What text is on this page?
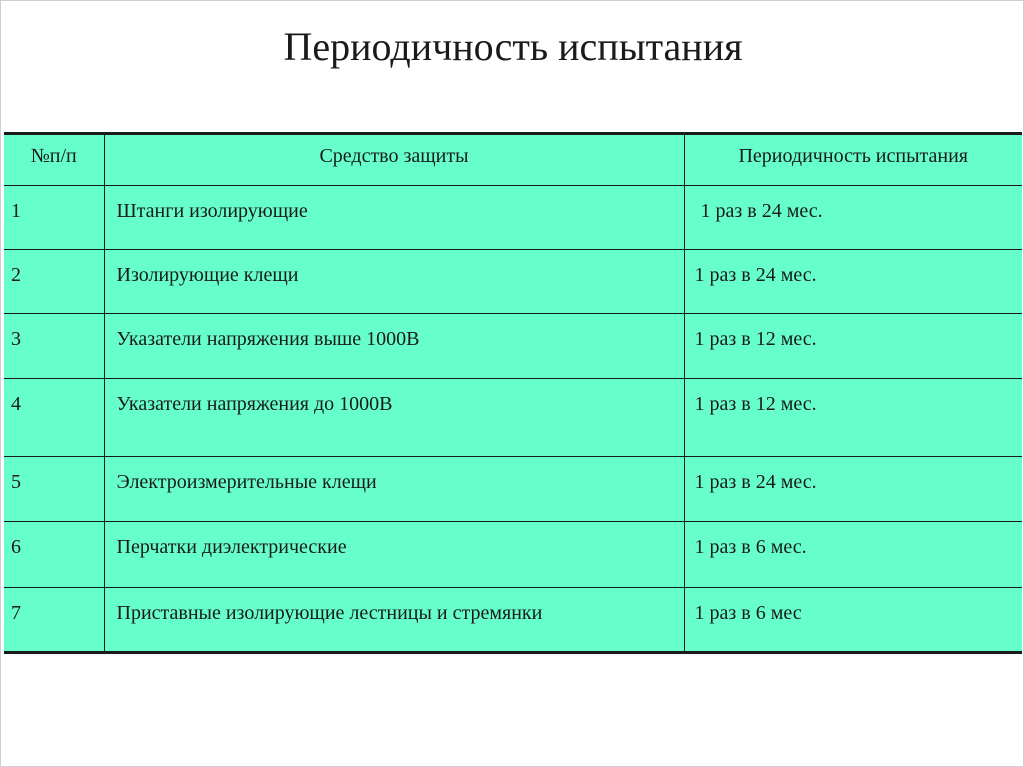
Периодичность испытания
№п/п	Средство защиты	Периодичность испытания
1	Штанги изолирующие	1 раз в 24 мес.
2	Изолирующие клещи	1 раз в 24 мес.
3	Указатели напряжения выше 1000В	1 раз в 12 мес.
4	Указатели напряжения до 1000В	1 раз в 12 мес.
5	Электроизмерительные клещи	1 раз в 24 мес.
6	Перчатки диэлектрические	1 раз в 6 мес.
7	Приставные изолирующие лестницы и стремянки	1 раз в 6 мес
